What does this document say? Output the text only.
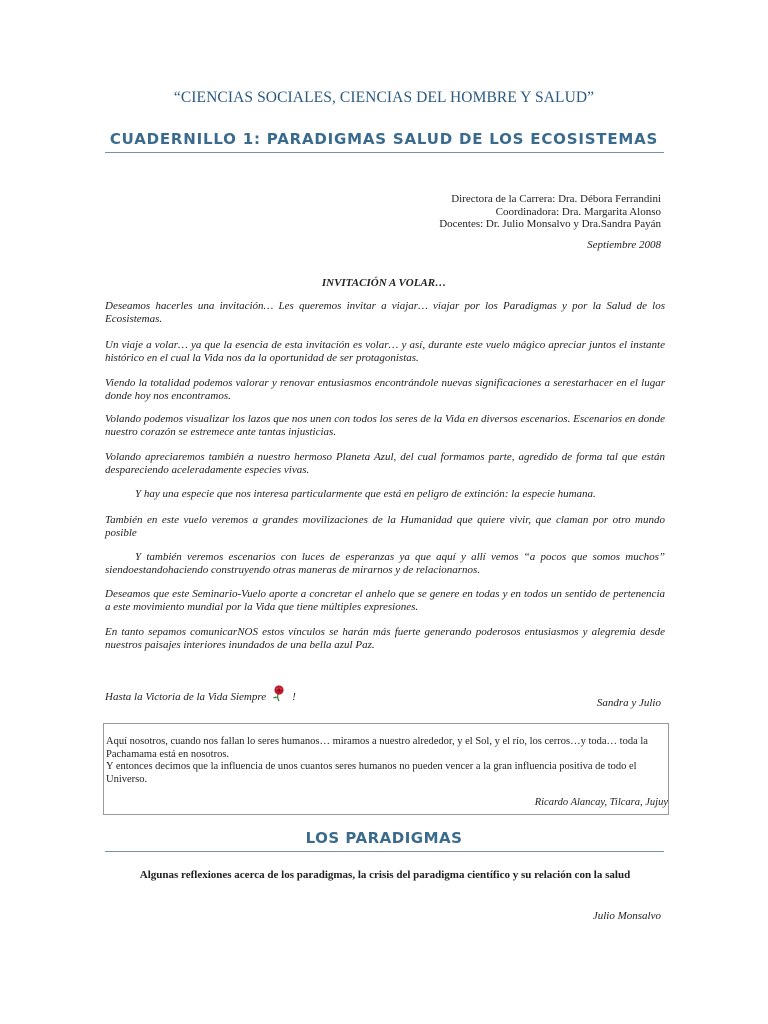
“CIENCIAS SOCIALES, CIENCIAS DEL HOMBRE Y SALUD”
CUADERNILLO 1: PARADIGMAS SALUD DE LOS ECOSISTEMAS
Directora de la Carrera: Dra. Débora Ferrandini
Coordinadora: Dra. Margarita Alonso
Docentes: Dr. Julio Monsalvo y Dra.Sandra Payán
Septiembre 2008
INVITACIÓN A VOLAR…
Deseamos hacerles una invitación… Les queremos invitar a viajar… viajar por los Paradigmas y por la Salud de los Ecosistemas.
Un viaje a volar… ya que la esencia de esta invitación es volar… y así, durante este vuelo mágico apreciar juntos el instante histórico en el cual la Vida nos da la oportunidad de ser protagonistas.
Viendo la totalidad podemos valorar y renovar entusiasmos encontrándole nuevas significaciones a serestarhacer en el lugar donde hoy nos encontramos.
Volando podemos visualizar los lazos que nos unen con todos los seres de la Vida en diversos escenarios. Escenarios en donde nuestro corazón se estremece ante tantas injusticias.
Volando apreciaremos también a nuestro hermoso Planeta Azul, del cual formamos parte, agredido de forma tal que están despareciendo aceleradamente especies vivas.
Y hay una especie que nos interesa particularmente que está en peligro de extinción: la especie humana.
También en este vuelo veremos a grandes movilizaciones de la Humanidad que quiere vivir, que claman por otro mundo posible
Y también veremos escenarios con luces de esperanzas ya que aquí y allí vemos “a pocos que somos muchos” siendoestandohaciendo construyendo otras maneras de mirarnos y de relacionarnos.
Deseamos que este Seminario-Vuelo aporte a concretar el anhelo que se genere en todas y en todos un sentido de pertenencia a este movimiento mundial por la Vida que tiene múltiples expresiones.
En tanto sepamos comunicarNOS estos vínculos se harán más fuerte generando poderosos entusiasmos y alegremia desde nuestros paisajes interiores inundados de una bella azul Paz.
Hasta la Victoria de la Vida Siempre !	Sandra y Julio
Aquí nosotros, cuando nos fallan lo seres humanos… miramos a nuestro alrededor, y el Sol, y el río, los cerros…y toda… toda la Pachamama está en nosotros.
Y entonces decimos que la influencia de unos cuantos seres humanos no pueden vencer a la gran influencia positiva de todo el Universo.
Ricardo Alancay, Tilcara, Jujuy
LOS PARADIGMAS
Algunas reflexiones acerca de los paradigmas, la crisis del paradigma científico y su relación con la salud
Julio Monsalvo
